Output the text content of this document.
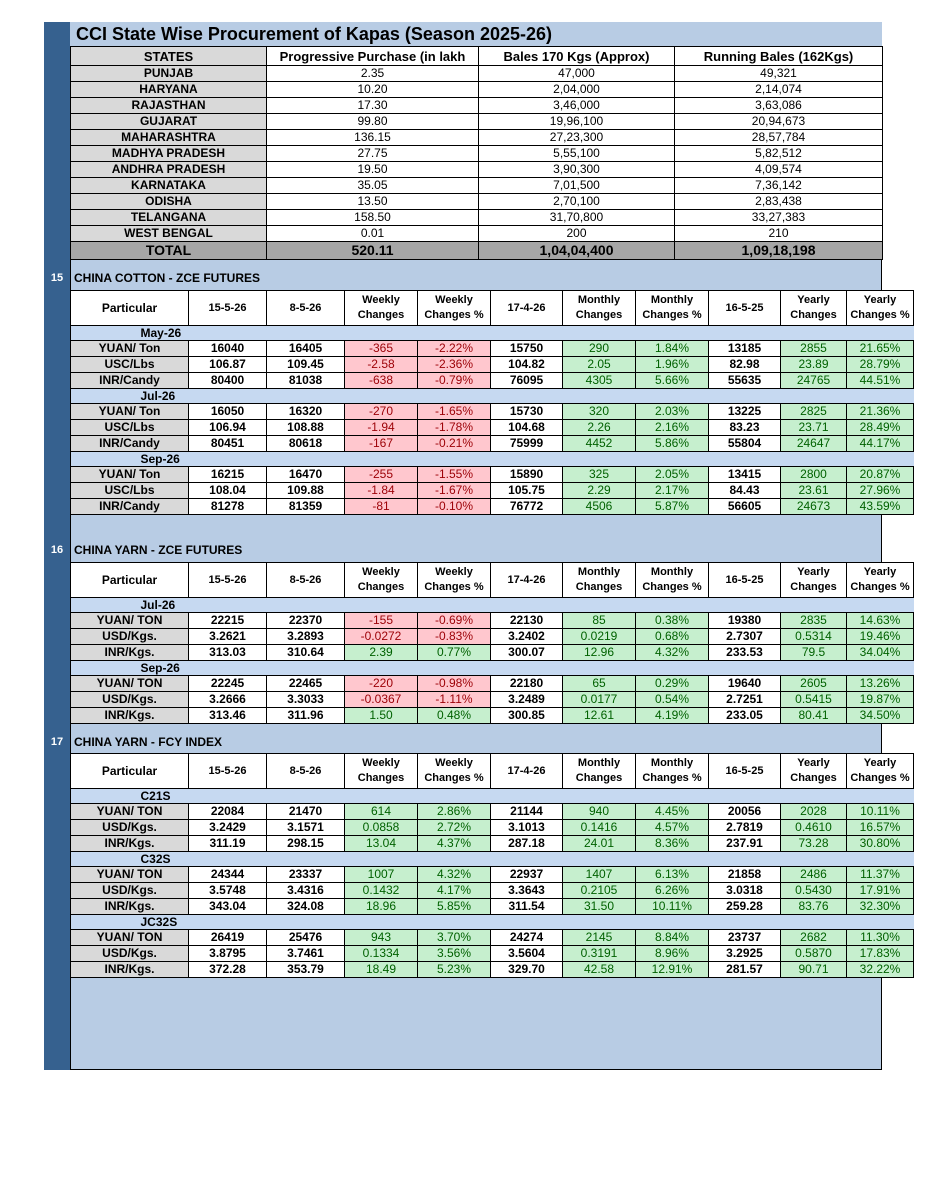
CCI State Wise Procurement of Kapas (Season 2025-26)
STATES	Progressive Purchase (in lakh	Bales 170 Kgs (Approx)	Running Bales (162Kgs)
PUNJAB	2.35	47,000	49,321
HARYANA	10.20	2,04,000	2,14,074
RAJASTHAN	17.30	3,46,000	3,63,086
GUJARAT	99.80	19,96,100	20,94,673
MAHARASHTRA	136.15	27,23,300	28,57,784
MADHYA PRADESH	27.75	5,55,100	5,82,512
ANDHRA PRADESH	19.50	3,90,300	4,09,574
KARNATAKA	35.05	7,01,500	7,36,142
ODISHA	13.50	2,70,100	2,83,438
TELANGANA	158.50	31,70,800	33,27,383
WEST BENGAL	0.01	200	210
TOTAL	520.11	1,04,04,400	1,09,18,198
15 CHINA COTTON - ZCE FUTURES
Particular	15-5-26	8-5-26	Weekly Changes	Weekly Changes %	17-4-26	Monthly Changes	Monthly Changes %	16-5-25	Yearly Changes	Yearly Changes %
May-26										
YUAN/ Ton	16040	16405	-365	-2.22%	15750	290	1.84%	13185	2855	21.65%
USC/Lbs	106.87	109.45	-2.58	-2.36%	104.82	2.05	1.96%	82.98	23.89	28.79%
INR/Candy	80400	81038	-638	-0.79%	76095	4305	5.66%	55635	24765	44.51%
Jul-26										
YUAN/ Ton	16050	16320	-270	-1.65%	15730	320	2.03%	13225	2825	21.36%
USC/Lbs	106.94	108.88	-1.94	-1.78%	104.68	2.26	2.16%	83.23	23.71	28.49%
INR/Candy	80451	80618	-167	-0.21%	75999	4452	5.86%	55804	24647	44.17%
Sep-26										
YUAN/ Ton	16215	16470	-255	-1.55%	15890	325	2.05%	13415	2800	20.87%
USC/Lbs	108.04	109.88	-1.84	-1.67%	105.75	2.29	2.17%	84.43	23.61	27.96%
INR/Candy	81278	81359	-81	-0.10%	76772	4506	5.87%	56605	24673	43.59%
16 CHINA YARN - ZCE FUTURES
Particular	15-5-26	8-5-26	Weekly Changes	Weekly Changes %	17-4-26	Monthly Changes	Monthly Changes %	16-5-25	Yearly Changes	Yearly Changes %
Jul-26										
YUAN/ TON	22215	22370	-155	-0.69%	22130	85	0.38%	19380	2835	14.63%
USD/Kgs.	3.2621	3.2893	-0.0272	-0.83%	3.2402	0.0219	0.68%	2.7307	0.5314	19.46%
INR/Kgs.	313.03	310.64	2.39	0.77%	300.07	12.96	4.32%	233.53	79.5	34.04%
Sep-26										
YUAN/ TON	22245	22465	-220	-0.98%	22180	65	0.29%	19640	2605	13.26%
USD/Kgs.	3.2666	3.3033	-0.0367	-1.11%	3.2489	0.0177	0.54%	2.7251	0.5415	19.87%
INR/Kgs.	313.46	311.96	1.50	0.48%	300.85	12.61	4.19%	233.05	80.41	34.50%
17 CHINA YARN - FCY INDEX
Particular	15-5-26	8-5-26	Weekly Changes	Weekly Changes %	17-4-26	Monthly Changes	Monthly Changes %	16-5-25	Yearly Changes	Yearly Changes %
C21S										
YUAN/ TON	22084	21470	614	2.86%	21144	940	4.45%	20056	2028	10.11%
USD/Kgs.	3.2429	3.1571	0.0858	2.72%	3.1013	0.1416	4.57%	2.7819	0.4610	16.57%
INR/Kgs.	311.19	298.15	13.04	4.37%	287.18	24.01	8.36%	237.91	73.28	30.80%
C32S										
YUAN/ TON	24344	23337	1007	4.32%	22937	1407	6.13%	21858	2486	11.37%
USD/Kgs.	3.5748	3.4316	0.1432	4.17%	3.3643	0.2105	6.26%	3.0318	0.5430	17.91%
INR/Kgs.	343.04	324.08	18.96	5.85%	311.54	31.50	10.11%	259.28	83.76	32.30%
JC32S										
YUAN/ TON	26419	25476	943	3.70%	24274	2145	8.84%	23737	2682	11.30%
USD/Kgs.	3.8795	3.7461	0.1334	3.56%	3.5604	0.3191	8.96%	3.2925	0.5870	17.83%
INR/Kgs.	372.28	353.79	18.49	5.23%	329.70	42.58	12.91%	281.57	90.71	32.22%
